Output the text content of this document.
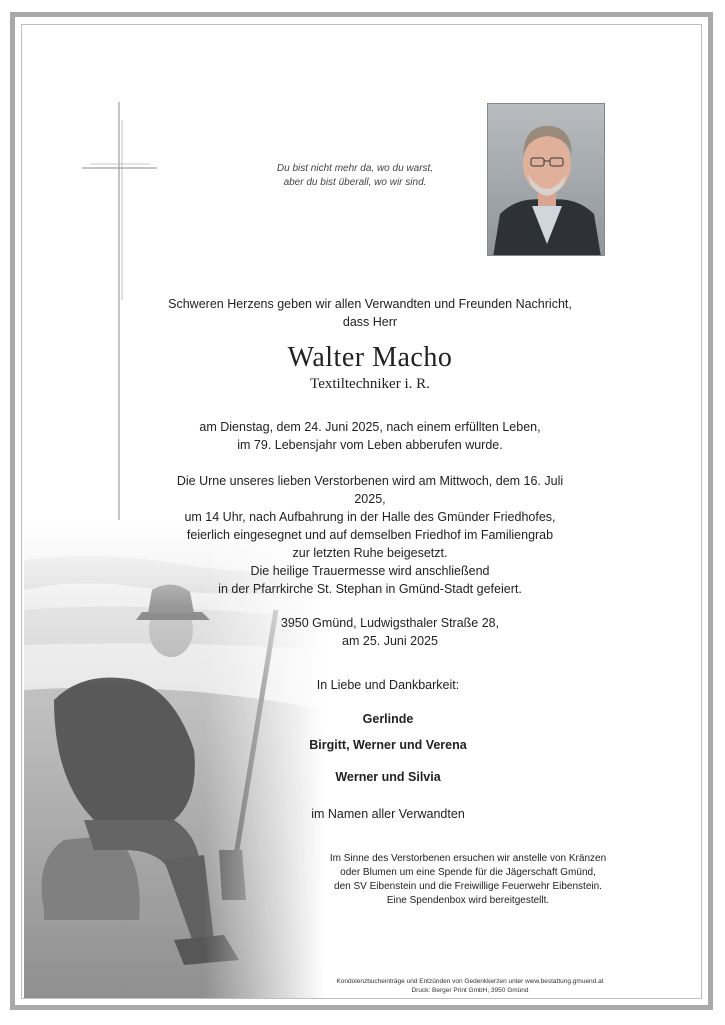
Du bist nicht mehr da, wo du warst,
aber du bist überall, wo wir sind.
Schweren Herzens geben wir allen Verwandten und Freunden Nachricht,
dass Herr
Walter Macho
Textiltechniker i. R.
am Dienstag, dem 24. Juni 2025, nach einem erfüllten Leben,
im 79. Lebensjahr vom Leben abberufen wurde.
Die Urne unseres lieben Verstorbenen wird am Mittwoch, dem 16. Juli 2025,
um 14 Uhr, nach Aufbahrung in der Halle des Gmünder Friedhofes,
feierlich eingesegnet und auf demselben Friedhof im Familiengrab
zur letzten Ruhe beigesetzt.
Die heilige Trauermesse wird anschließend
in der Pfarrkirche St. Stephan in Gmünd-Stadt gefeiert.
3950 Gmünd, Ludwigsthaler Straße 28,
am 25. Juni 2025
In Liebe und Dankbarkeit:
Gerlinde
Birgitt, Werner und Verena
Werner und Silvia
im Namen aller Verwandten
Im Sinne des Verstorbenen ersuchen wir anstelle von Kränzen
oder Blumen um eine Spende für die Jägerschaft Gmünd,
den SV Eibenstein und die Freiwillige Feuerwehr Eibenstein.
Eine Spendenbox wird bereitgestellt.
Kondolenzbucheinträge und Entzünden von Gedenkkerzen unter www.bestattung.gmuend.at
Druck: Berger Print GmbH, 3950 Gmünd
